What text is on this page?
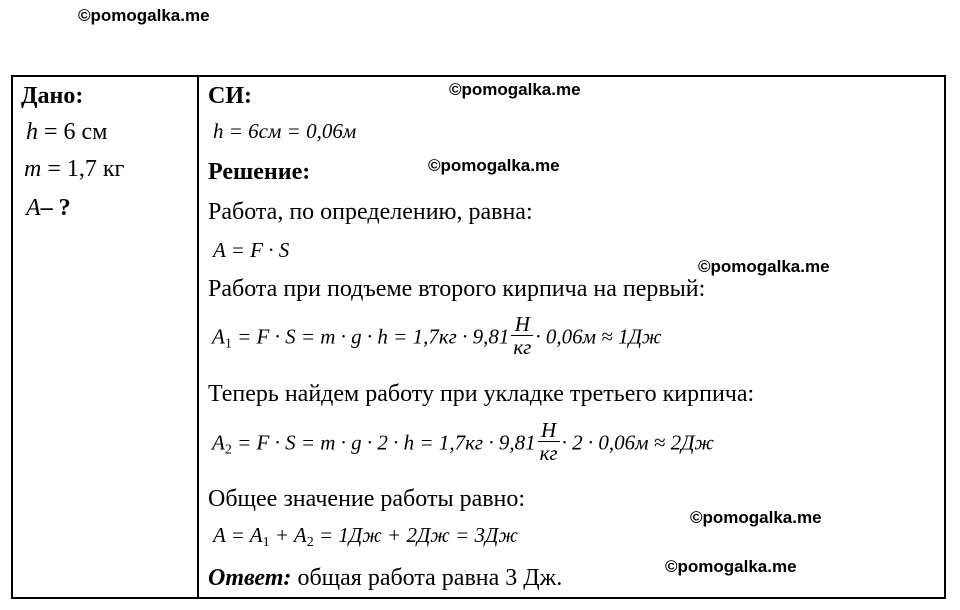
©pomogalka.me
©pomogalka.me
©pomogalka.me
©pomogalka.me
©pomogalka.me
©pomogalka.me
Дано:
h = 6 см
m = 1,7 кг
A– ?
СИ:
h = 6см = 0,06м
Решение:
Работа, по определению, равна:
A = F · S
Работа при подъеме второго кирпича на первый:
$A_1 = F \cdot S = m \cdot g \cdot h = 1,7кг \cdot 9,81 \frac{Н}{кг} \cdot 0,06м \approx 1Дж$
Теперь найдем работу при укладке третьего кирпича:
$A_2 = F \cdot S = m \cdot g \cdot 2 \cdot h = 1,7кг \cdot 9,81 \frac{Н}{кг} \cdot 2 \cdot 0,06м \approx 2Дж$
Общее значение работы равно:
$A = A_1 + A_2 = 1Дж + 2Дж = 3Дж$
Ответ: общая работа равна 3 Дж.
